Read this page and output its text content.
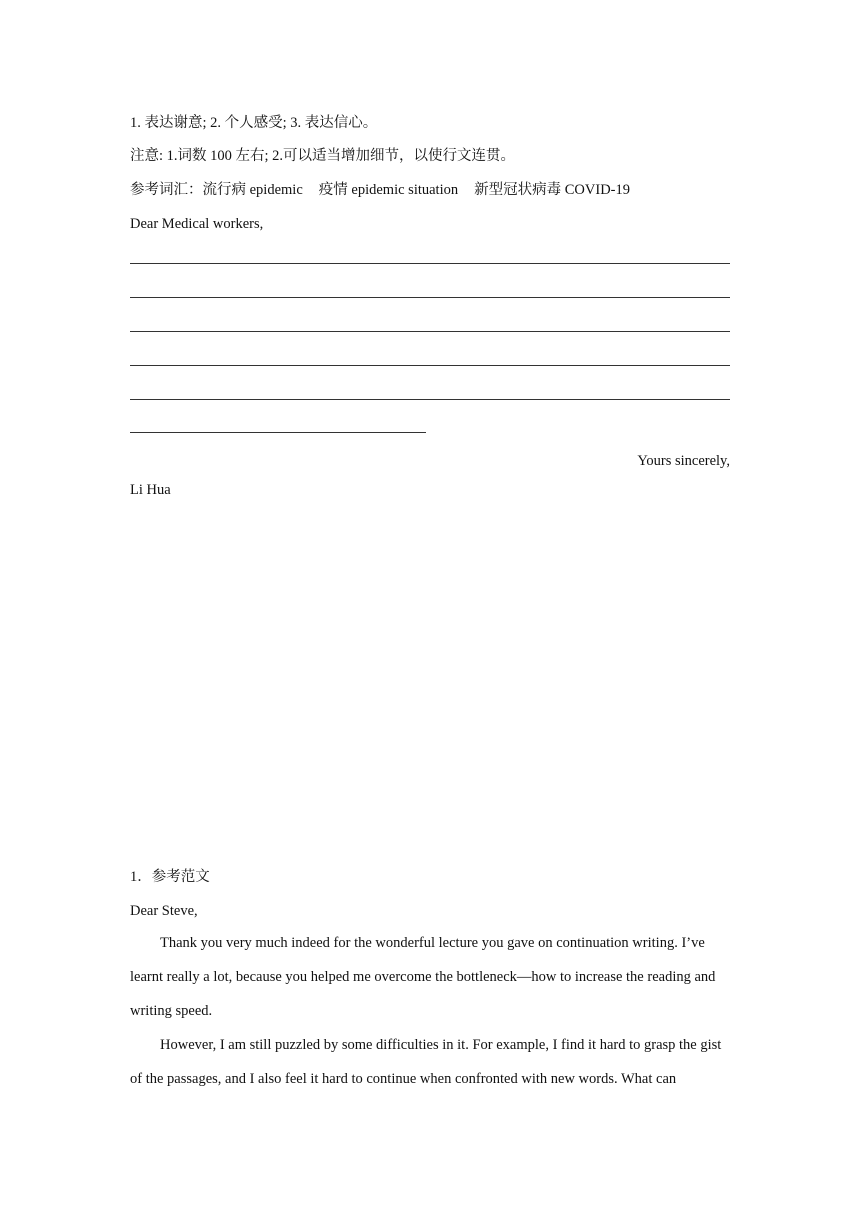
1. 表达谢意; 2. 个人感受; 3. 表达信心。
注意: 1.词数 100 左右; 2.可以适当增加细节，以使行文连贯。
参考词汇：流行病 epidemic 疫情 epidemic situation 新型冠状病毒 COVID-19
Dear Medical workers,
Yours sincerely,
Li Hua
1．参考范文
Dear Steve,

Thank you very much indeed for the wonderful lecture you gave on continuation writing. I’ve learnt really a lot, because you helped me overcome the bottleneck—how to increase the reading and writing speed.

However, I am still puzzled by some difficulties in it. For example, I find it hard to grasp the gist of the passages, and I also feel it hard to continue when confronted with new words. What can
